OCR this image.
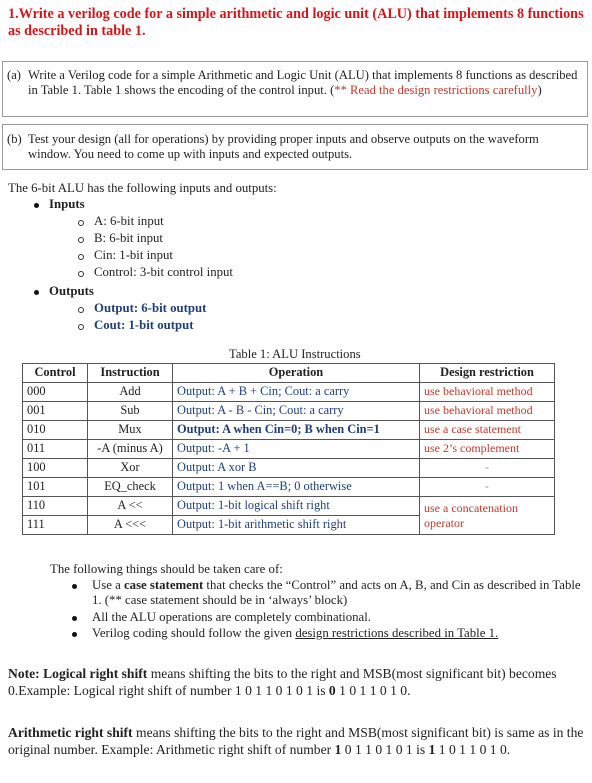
1.Write a verilog code for a simple arithmetic and logic unit (ALU) that implements 8 functions as described in table 1.
(a) Write a Verilog code for a simple Arithmetic and Logic Unit (ALU) that implements 8 functions as described in Table 1. Table 1 shows the encoding of the control input. (** Read the design restrictions carefully)
(b) Test your design (all for operations) by providing proper inputs and observe outputs on the waveform window. You need to come up with inputs and expected outputs.
The 6-bit ALU has the following inputs and outputs:
Inputs
A: 6-bit input
B: 6-bit input
Cin: 1-bit input
Control: 3-bit control input
Outputs
Output: 6-bit output
Cout: 1-bit output
Table 1: ALU Instructions
Control	Instruction	Operation	Design restriction
000	Add	Output: A + B + Cin; Cout: a carry	use behavioral method
001	Sub	Output: A - B - Cin; Cout: a carry	use behavioral method
010	Mux	Output: A when Cin=0; B when Cin=1	use a case statement
011	-A (minus A)	Output: -A + 1	use 2’s complement
100	Xor	Output: A xor B	-
101	EQ_check	Output: 1 when A==B; 0 otherwise	-
110	A <<	Output: 1-bit logical shift right	use a concatenation
operator

111	A <<<	Output: 1-bit arithmetic shift right	
The following things should be taken care of:
Use a case statement that checks the “Control” and acts on A, B, and Cin as described in Table 1. (** case statement should be in ‘always’ block)
All the ALU operations are completely combinational.
Verilog coding should follow the given design restrictions described in Table 1.
Note: Logical right shift means shifting the bits to the right and MSB(most significant bit) becomes 0.Example: Logical right shift of number 1 0 1 1 0 1 0 1 is 0 1 0 1 1 0 1 0.
Arithmetic right shift means shifting the bits to the right and MSB(most significant bit) is same as in the original number. Example: Arithmetic right shift of number 1 0 1 1 0 1 0 1 is 1 1 0 1 1 0 1 0.
